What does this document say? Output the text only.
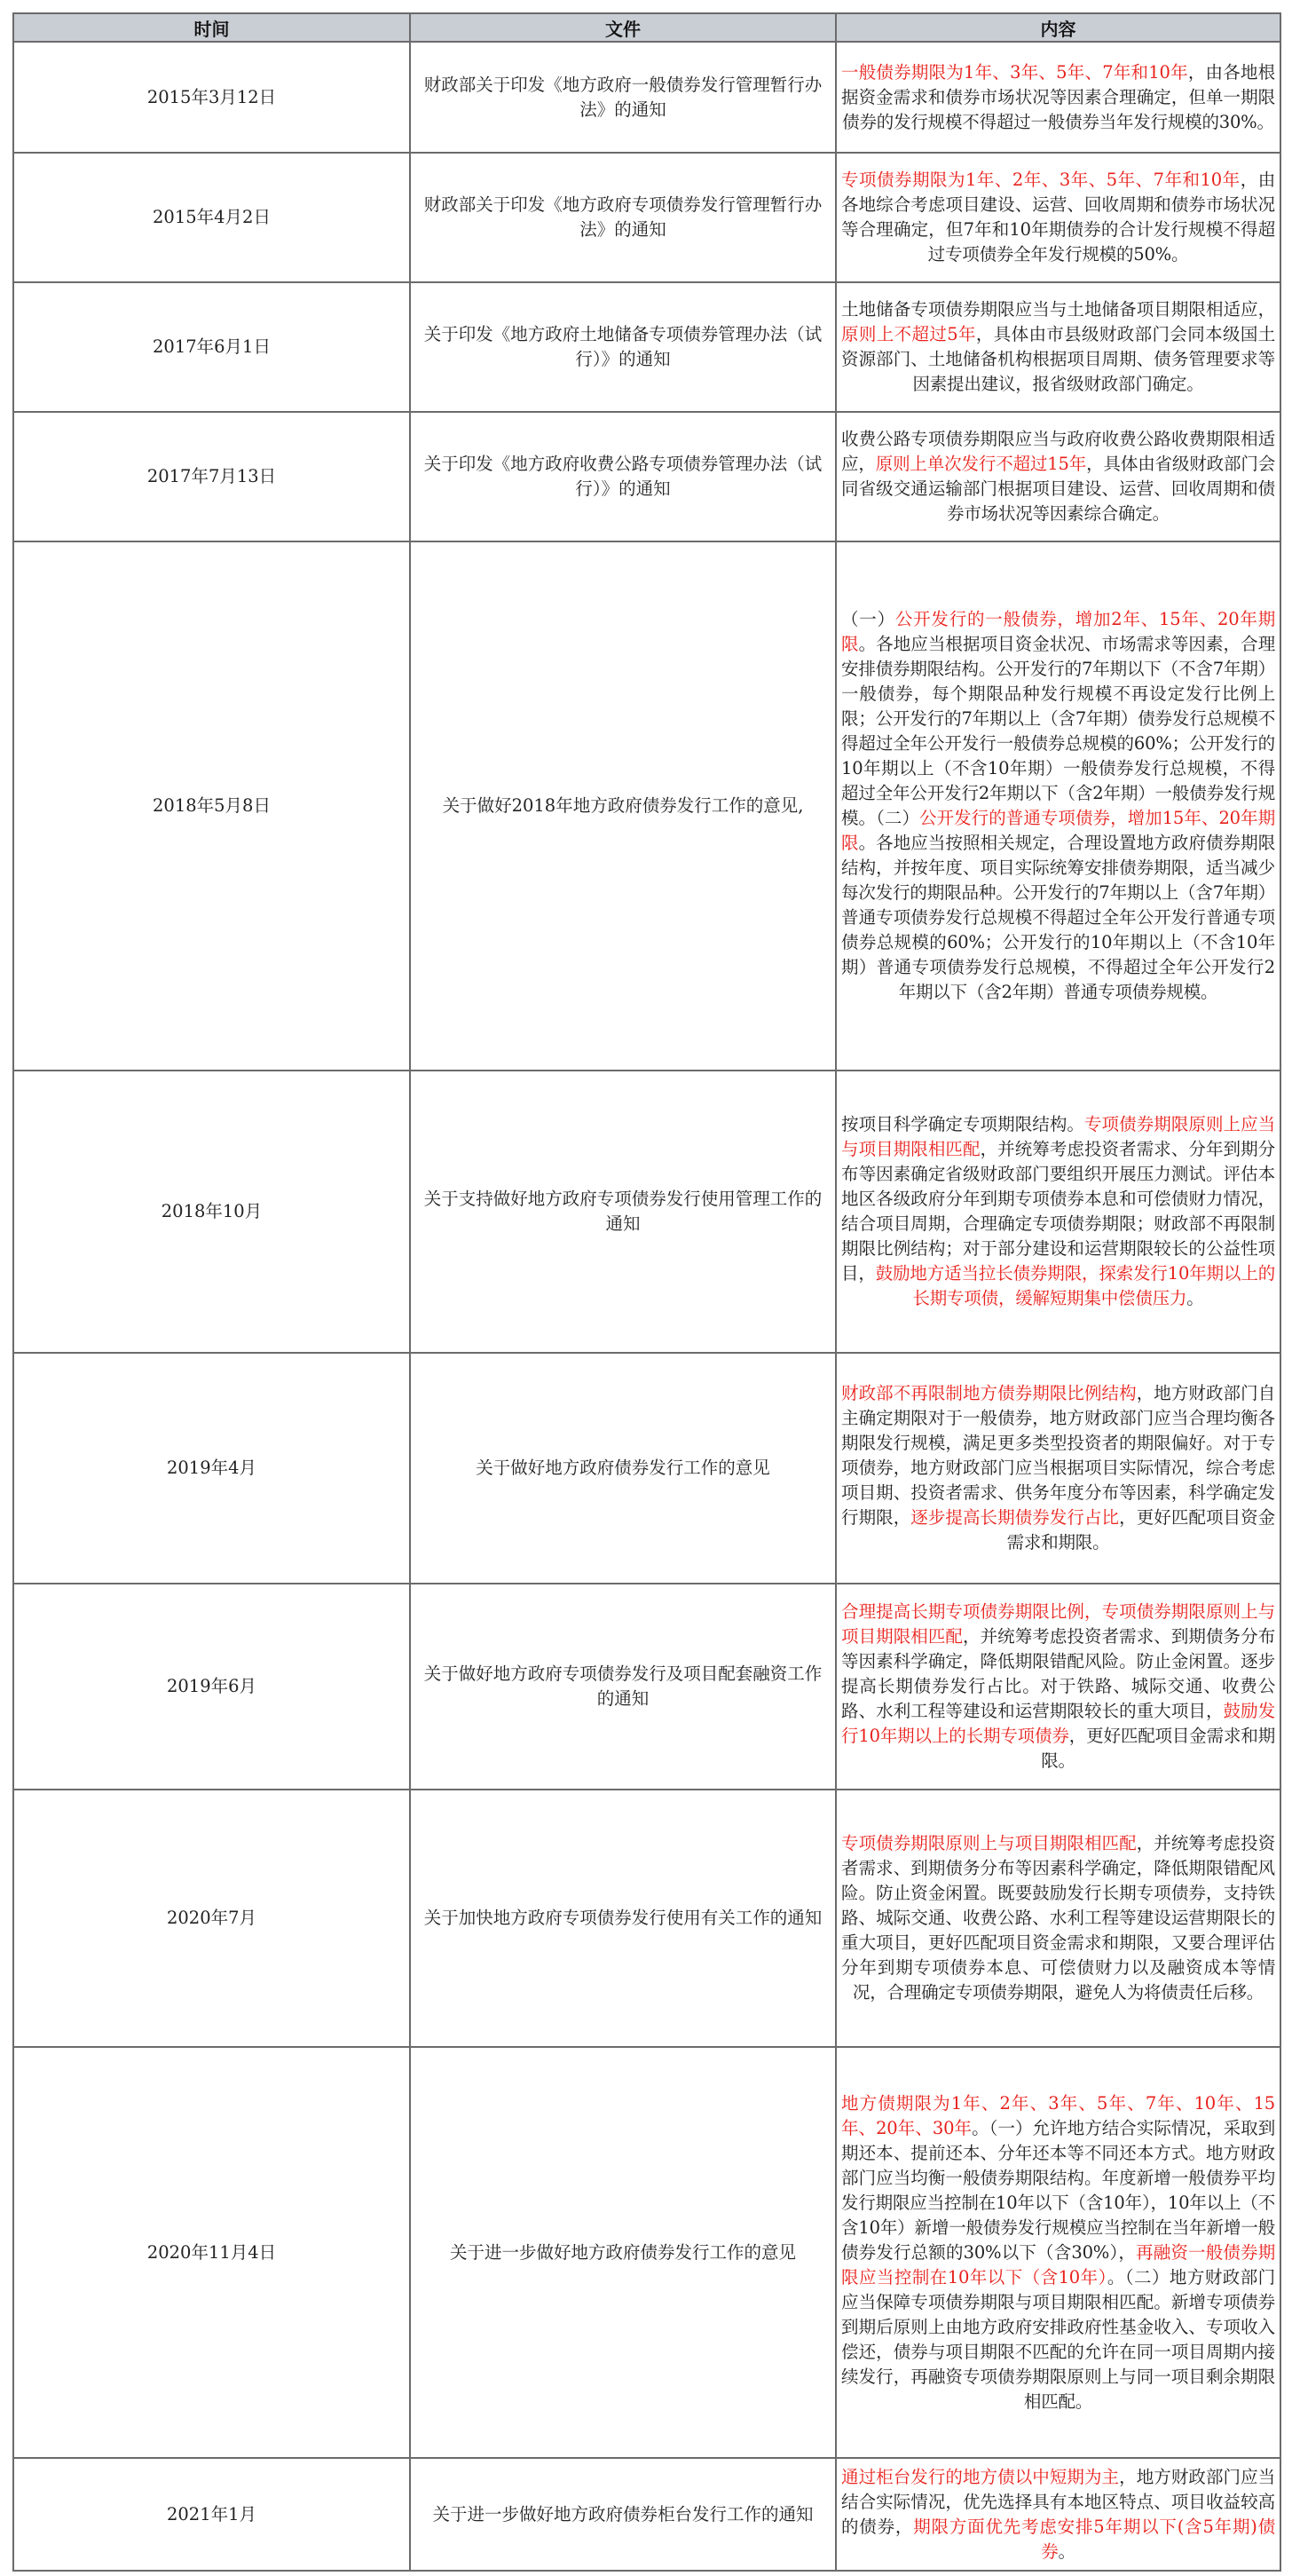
时间	文件	内容
2015年3月12日	财政部关于印发《地方政府一般债券发行管理暂行办法》的通知	一般债券期限为1年、3年、5年、7年和10年，由各地根据资金需求和债券市场状况等因素合理确定，但单一期限债券的发行规模不得超过一般债券当年发行规模的30%。
2015年4月2日	财政部关于印发《地方政府专项债券发行管理暂行办法》的通知	专项债券期限为1年、2年、3年、5年、7年和10年，由各地综合考虑项目建设、运营、回收周期和债券市场状况等合理确定，但7年和10年期债券的合计发行规模不得超过专项债券全年发行规模的50%。
2017年6月1日	关于印发《地方政府土地储备专项债券管理办法（试行）》的通知	土地储备专项债券期限应当与土地储备项目期限相适应，原则上不超过5年，具体由市县级财政部门会同本级国土资源部门、土地储备机构根据项目周期、债务管理要求等因素提出建议，报省级财政部门确定。
2017年7月13日	关于印发《地方政府收费公路专项债券管理办法（试行）》的通知	收费公路专项债券期限应当与政府收费公路收费期限相适应，原则上单次发行不超过15年，具体由省级财政部门会同省级交通运输部门根据项目建设、运营、回收周期和债券市场状况等因素综合确定。
2018年5月8日	关于做好2018年地方政府债券发行工作的意见,	（一）公开发行的一般债券，增加2年、15年、20年期限。各地应当根据项目资金状况、市场需求等因素，合理安排债券期限结构。公开发行的7年期以下（不含7年期）一般债券，每个期限品种发行规模不再设定发行比例上限；公开发行的7年期以上（含7年期）债券发行总规模不得超过全年公开发行一般债券总规模的60%；公开发行的10年期以上（不含10年期）一般债券发行总规模，不得超过全年公开发行2年期以下（含2年期）一般债券发行规模。（二）公开发行的普通专项债券，增加15年、20年期限。各地应当按照相关规定，合理设置地方政府债券期限结构，并按年度、项目实际统筹安排债券期限，适当减少每次发行的期限品种。公开发行的7年期以上（含7年期）普通专项债券发行总规模不得超过全年公开发行普通专项债券总规模的60%；公开发行的10年期以上（不含10年期）普通专项债券发行总规模，不得超过全年公开发行2年期以下（含2年期）普通专项债券规模。
2018年10月	关于支持做好地方政府专项债券发行使用管理工作的通知	按项目科学确定专项期限结构。专项债券期限原则上应当与项目期限相匹配，并统筹考虑投资者需求、分年到期分布等因素确定省级财政部门要组织开展压力测试。评估本地区各级政府分年到期专项债券本息和可偿债财力情况，结合项目周期，合理确定专项债券期限；财政部不再限制期限比例结构；对于部分建设和运营期限较长的公益性项目，鼓励地方适当拉长债券期限，探索发行10年期以上的长期专项债，缓解短期集中偿债压力。
2019年4月	关于做好地方政府债券发行工作的意见	财政部不再限制地方债券期限比例结构，地方财政部门自主确定期限对于一般债券，地方财政部门应当合理均衡各期限发行规模，满足更多类型投资者的期限偏好。对于专项债券，地方财政部门应当根据项目实际情况，综合考虑项目期、投资者需求、供务年度分布等因素，科学确定发行期限，逐步提高长期债券发行占比，更好匹配项目资金需求和期限。
2019年6月	关于做好地方政府专项债券发行及项目配套融资工作的通知	合理提高长期专项债券期限比例，专项债券期限原则上与项目期限相匹配，并统筹考虑投资者需求、到期债务分布等因素科学确定，降低期限错配风险。防止金闲置。逐步提高长期债券发行占比。对于铁路、城际交通、收费公路、水利工程等建设和运营期限较长的重大项目，鼓励发行10年期以上的长期专项债券，更好匹配项目金需求和期限。
2020年7月	关于加快地方政府专项债券发行使用有关工作的通知	专项债券期限原则上与项目期限相匹配，并统筹考虑投资者需求、到期债务分布等因素科学确定，降低期限错配风险。防止资金闲置。既要鼓励发行长期专项债券，支持铁路、城际交通、收费公路、水利工程等建设运营期限长的重大项目，更好匹配项目资金需求和期限，又要合理评估分年到期专项债券本息、可偿债财力以及融资成本等情况，合理确定专项债券期限，避免人为将债责任后移。
2020年11月4日	关于进一步做好地方政府债券发行工作的意见	地方债期限为1年、2年、3年、5年、7年、10年、15年、20年、30年。（一）允许地方结合实际情况，采取到期还本、提前还本、分年还本等不同还本方式。地方财政部门应当均衡一般债券期限结构。年度新增一般债券平均发行期限应当控制在10年以下（含10年），10年以上（不含10年）新增一般债券发行规模应当控制在当年新增一般债券发行总额的30%以下（含30%），再融资一般债券期限应当控制在10年以下（含10年）。（二）地方财政部门应当保障专项债券期限与项目期限相匹配。新增专项债券到期后原则上由地方政府安排政府性基金收入、专项收入偿还，债券与项目期限不匹配的允许在同一项目周期内接续发行，再融资专项债券期限原则上与同一项目剩余期限相匹配。
2021年1月	关于进一步做好地方政府债券柜台发行工作的通知	通过柜台发行的地方债以中短期为主，地方财政部门应当结合实际情况，优先选择具有本地区特点、项目收益较高的债券，期限方面优先考虑安排5年期以下(含5年期)债券。
